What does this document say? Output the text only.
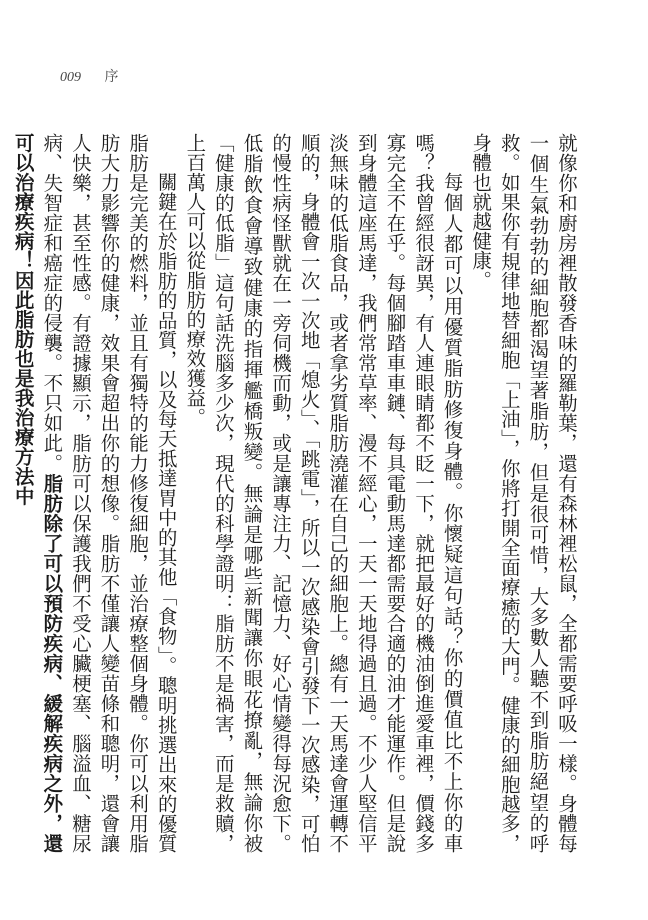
009 序

就像你和廚房裡散發香味的羅勒葉，還有森林裡松鼠，全都需要呼吸一樣。身體每一個生氣勃勃的細胞都渴望著脂肪，但是很可惜，大多數人聽不到脂肪絕望的呼救。如果你有規律地替細胞「上油」，你將打開全面療癒的大門。健康的細胞越多，身體也就越健康。

每個人都可以用優質脂肪修復身體。你懷疑這句話？你的價值比不上你的車嗎？我曾經很訝異，有人連眼睛都不眨一下，就把最好的機油倒進愛車裡，價錢多寡完全不在乎。每個腳踏車車鏈、每具電動馬達都需要合適的油才能運作。但是說到身體這座馬達，我們常常草率、漫不經心，一天一天地得過且過。不少人堅信平淡無味的低脂食品，或者拿劣質脂肪澆灌在自己的細胞上。總有一天馬達會運轉不順的，身體會一次一次地「熄火」、「跳電」，所以一次感染會引發下一次感染，可怕的慢性病怪獸就在一旁伺機而動，或是讓專注力、記憶力、好心情變得每況愈下。低脂飲食會導致健康的指揮艦橋叛變。無論是哪些新聞讓你眼花撩亂，無論你被「健康的低脂」這句話洗腦多少次，現代的科學證明：脂肪不是禍害，而是救贖，上百萬人可以從脂肪的療效獲益。

關鍵在於脂肪的品質，以及每天抵達胃中的其他「食物」。聰明挑選出來的優質脂肪是完美的燃料，並且有獨特的能力修復細胞，並治療整個身體。你可以利用脂肪大力影響你的健康，效果會超出你的想像。脂肪不僅讓人變苗條和聰明，還會讓人快樂，甚至性感。有證據顯示，脂肪可以保護我們不受心臟梗塞、腦溢血、糖尿病、失智症和癌症的侵襲。不只如此。脂肪除了可以預防疾病、緩解疾病之外，還可以治療疾病！因此脂肪也是我治療方法中
